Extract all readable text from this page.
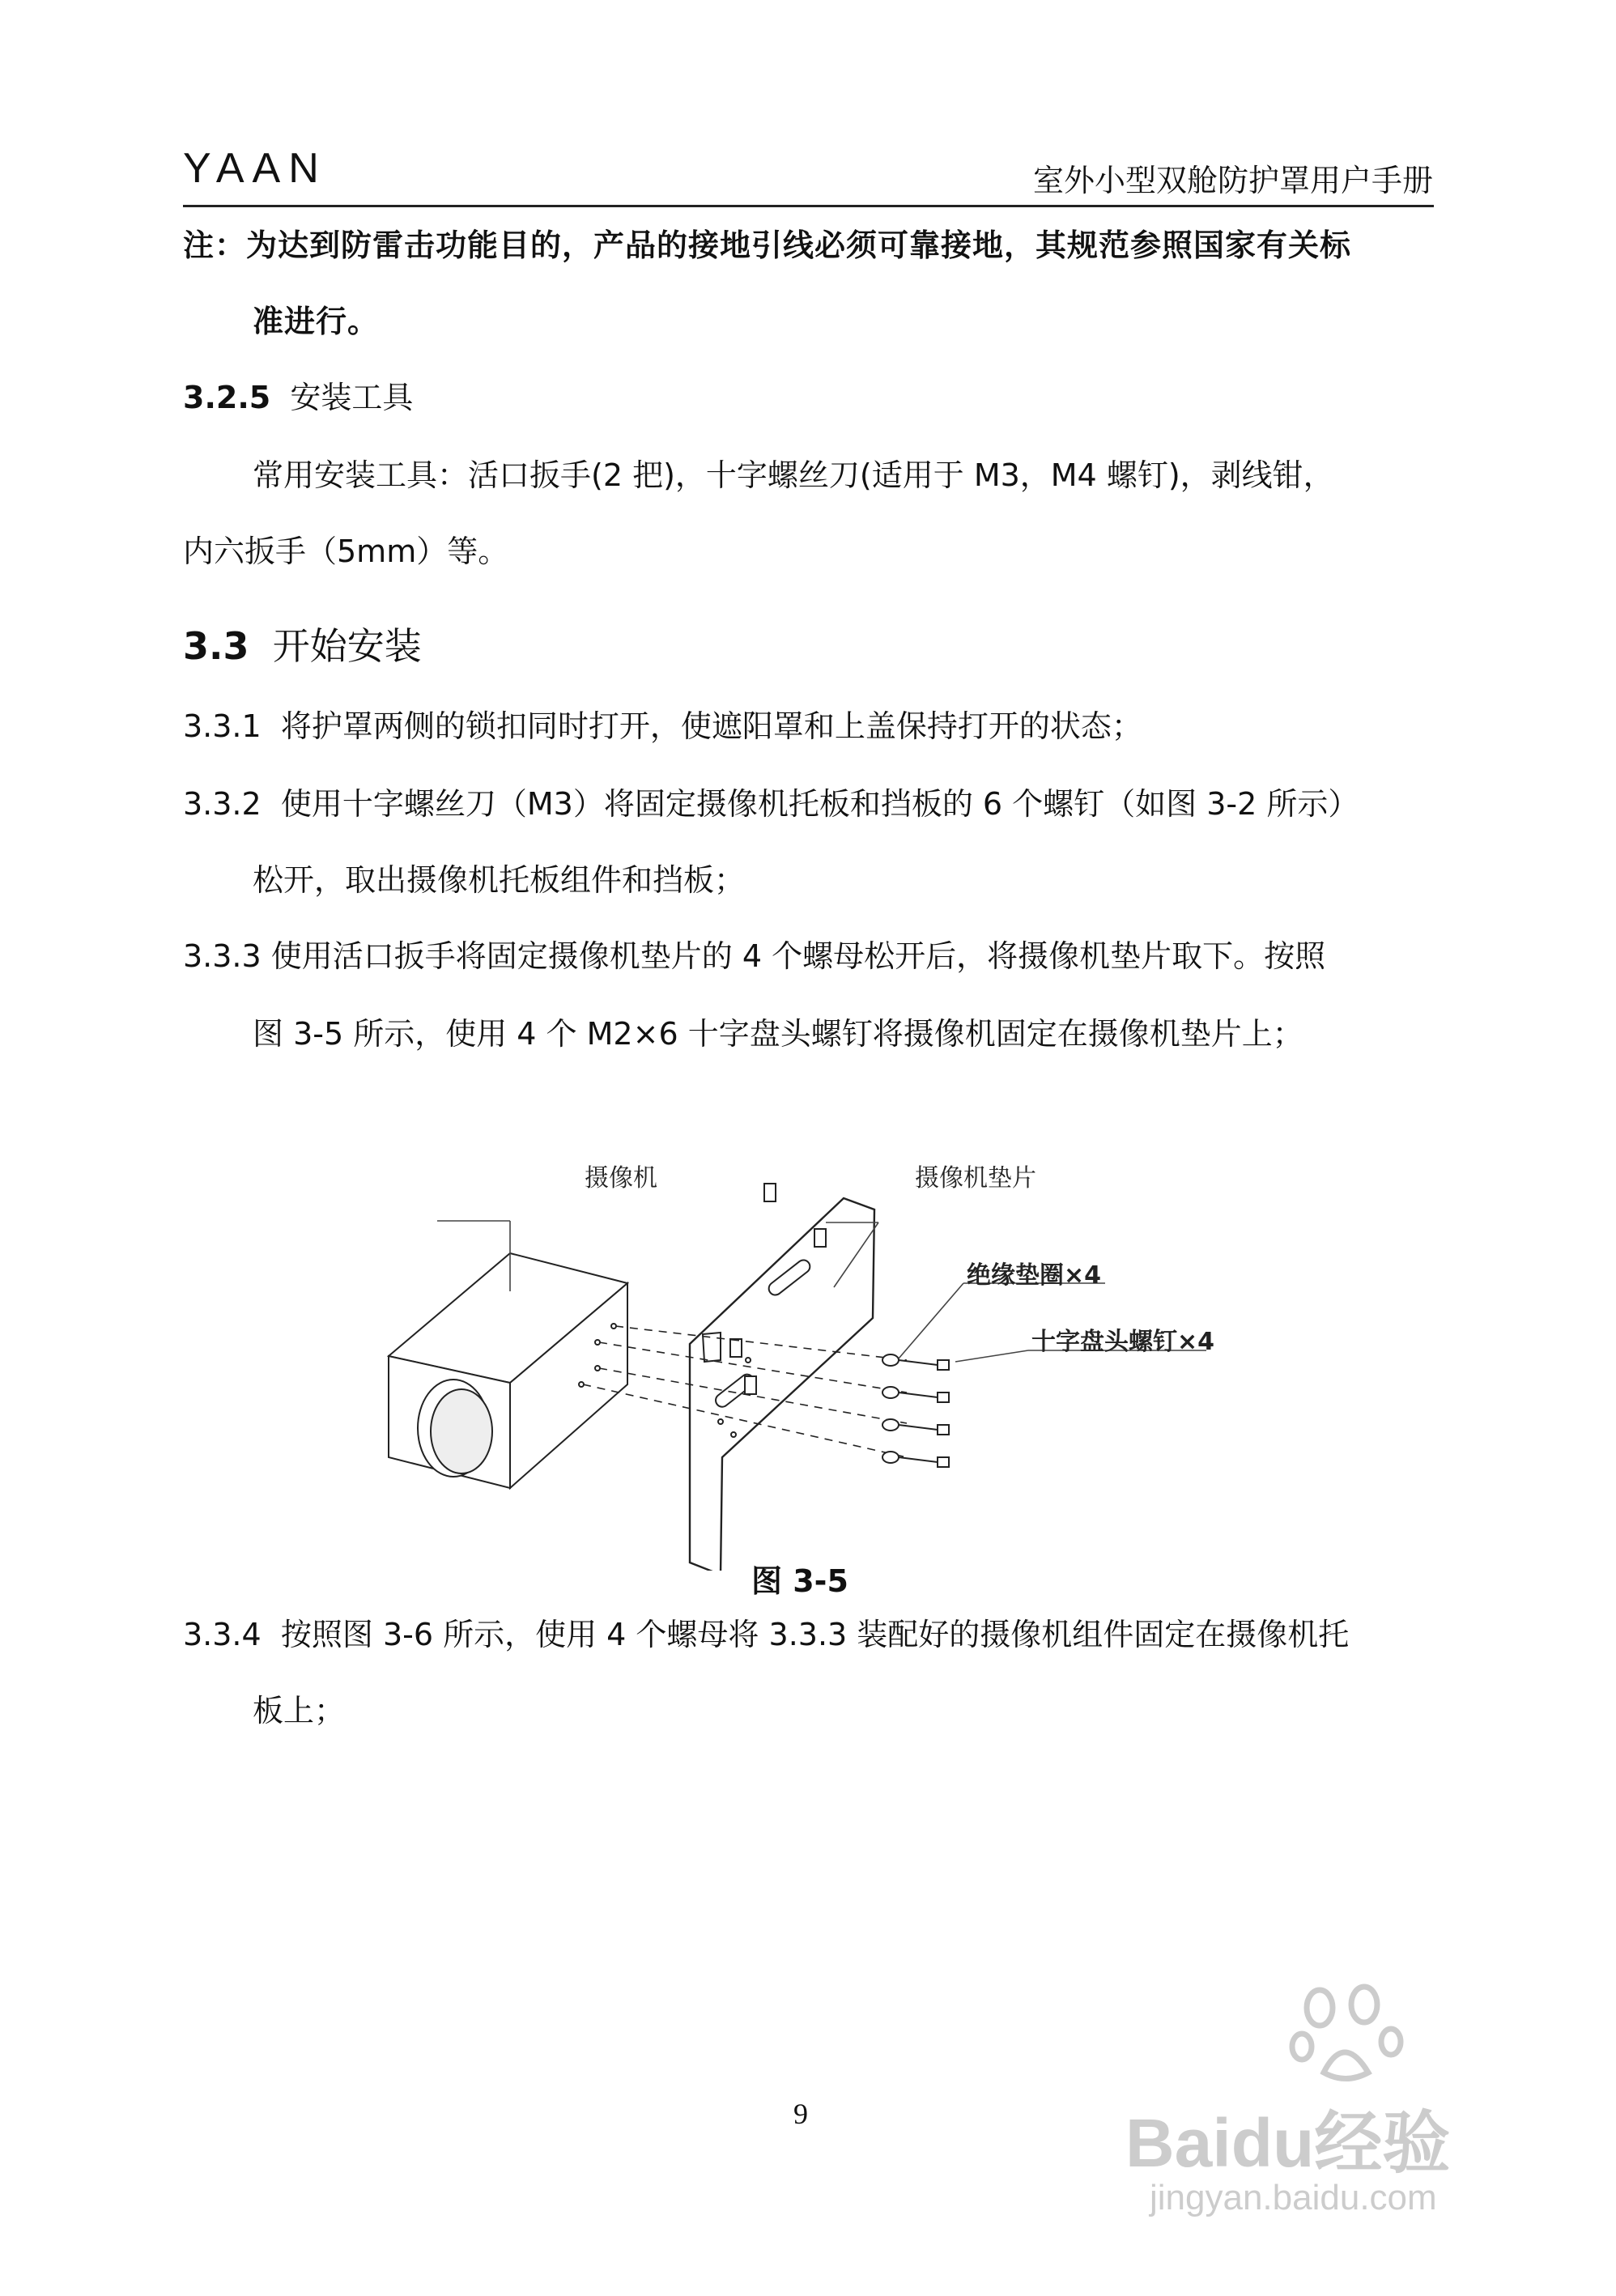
YAAN	室外小型双舱防护罩用户手册
注：为达到防雷击功能目的，产品的接地引线必须可靠接地，其规范参照国家有关标
准进行。
3.2.5 安装工具
常用安装工具：活口扳手(2 把)，十字螺丝刀(适用于 M3，M4 螺钉)，剥线钳，
内六扳手（5mm）等。
3.3 开始安装
3.3.1 将护罩两侧的锁扣同时打开，使遮阳罩和上盖保持打开的状态；
3.3.2 使用十字螺丝刀（M3）将固定摄像机托板和挡板的 6 个螺钉（如图 3-2 所示）
松开，取出摄像机托板组件和挡板；
3.3.3 使用活口扳手将固定摄像机垫片的 4 个螺母松开后，将摄像机垫片取下。按照
图 3-5 所示，使用 4 个 M2×6 十字盘头螺钉将摄像机固定在摄像机垫片上；
摄像机	摄像机垫片
绝缘垫圈×4
十字盘头螺钉×4
图 3-5
3.3.4 按照图 3-6 所示，使用 4 个螺母将 3.3.3 装配好的摄像机组件固定在摄像机托
板上；
9	Baidu经验
jingyan.baidu.com
